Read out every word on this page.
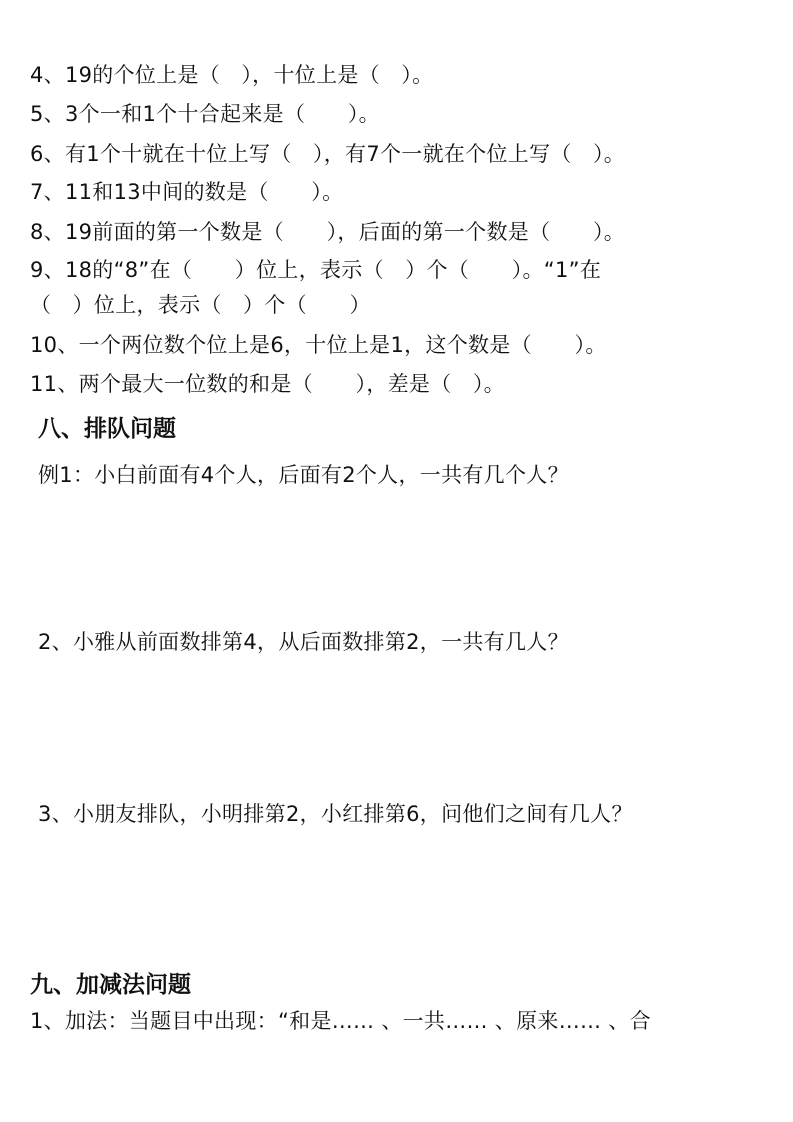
4、19的个位上是（　），十位上是（　）。
5、3个一和1个十合起来是（　　）。
6、有1个十就在十位上写（　），有7个一就在个位上写（　）。
7、11和13中间的数是（　　）。
8、19前面的第一个数是（　　），后面的第一个数是（　　）。
9、18的“8”在（　　）位上，表示（　）个（　　）。“1”在
（　）位上，表示（　）个（　　）
10、一个两位数个位上是6，十位上是1，这个数是（　　）。
11、两个最大一位数的和是（　　），差是（　）。
八、排队问题
例1：小白前面有4个人，后面有2个人，一共有几个人？
2、小雅从前面数排第4，从后面数排第2，一共有几人？
3、小朋友排队，小明排第2，小红排第6，问他们之间有几人？
九、加减法问题
1、加法：当题目中出现：“和是…… 、一共…… 、原来…… 、合
